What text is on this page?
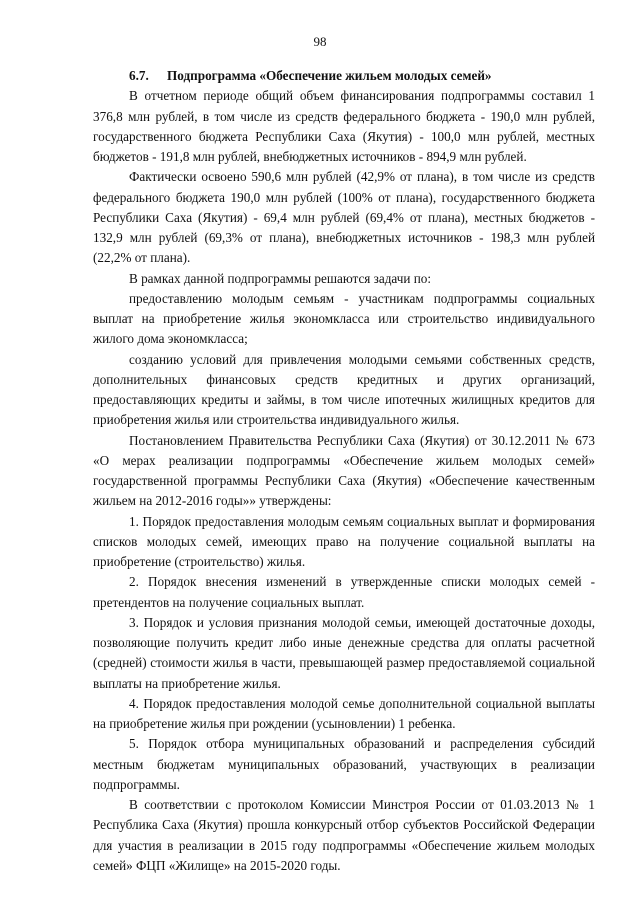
98

6.7. Подпрограмма «Обеспечение жильем молодых семей»

В отчетном периоде общий объем финансирования подпрограммы составил 1 376,8 млн рублей, в том числе из средств федерального бюджета - 190,0 млн рублей, государственного бюджета Республики Саха (Якутия) - 100,0 млн рублей, местных бюджетов - 191,8 млн рублей, внебюджетных источников - 894,9 млн рублей.

Фактически освоено 590,6 млн рублей (42,9% от плана), в том числе из средств федерального бюджета 190,0 млн рублей (100% от плана), государственного бюджета Республики Саха (Якутия) - 69,4 млн рублей (69,4% от плана), местных бюджетов - 132,9 млн рублей (69,3% от плана), внебюджетных источников - 198,3 млн рублей (22,2% от плана).

В рамках данной подпрограммы решаются задачи по:

предоставлению молодым семьям - участникам подпрограммы социальных выплат на приобретение жилья экономкласса или строительство индивидуального жилого дома экономкласса;

созданию условий для привлечения молодыми семьями собственных средств, дополнительных финансовых средств кредитных и других организаций, предоставляющих кредиты и займы, в том числе ипотечных жилищных кредитов для приобретения жилья или строительства индивидуального жилья.

Постановлением Правительства Республики Саха (Якутия) от 30.12.2011 № 673 «О мерах реализации подпрограммы «Обеспечение жильем молодых семей» государственной программы Республики Саха (Якутия) «Обеспечение качественным жильем на 2012-2016 годы»» утверждены:

1. Порядок предоставления молодым семьям социальных выплат и формирования списков молодых семей, имеющих право на получение социальной выплаты на приобретение (строительство) жилья.

2. Порядок внесения изменений в утвержденные списки молодых семей - претендентов на получение социальных выплат.

3. Порядок и условия признания молодой семьи, имеющей достаточные доходы, позволяющие получить кредит либо иные денежные средства для оплаты расчетной (средней) стоимости жилья в части, превышающей размер предоставляемой социальной выплаты на приобретение жилья.

4. Порядок предоставления молодой семье дополнительной социальной выплаты на приобретение жилья при рождении (усыновлении) 1 ребенка.

5. Порядок отбора муниципальных образований и распределения субсидий местным бюджетам муниципальных образований, участвующих в реализации подпрограммы.

В соответствии с протоколом Комиссии Минстроя России от 01.03.2013 № 1 Республика Саха (Якутия) прошла конкурсный отбор субъектов Российской Федерации для участия в реализации в 2015 году подпрограммы «Обеспечение жильем молодых семей» ФЦП «Жилище» на 2015-2020 годы.
